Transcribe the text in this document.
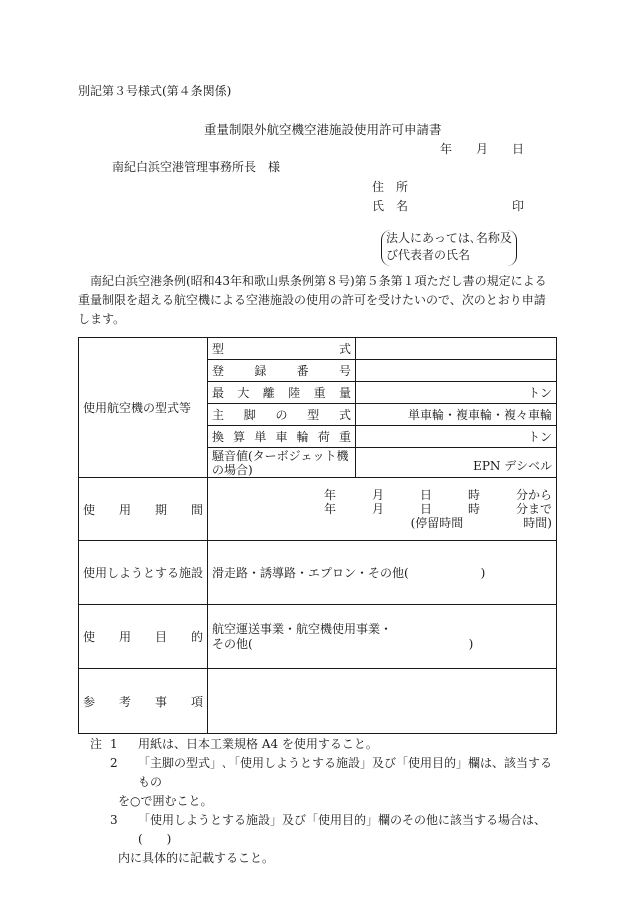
別記第３号様式(第４条関係)
重量制限外航空機空港施設使用許可申請書
年　　月　　日
南紀白浜空港管理事務所長　様
住　所
氏　名	印
法人にあっては､名称及
び代表者の氏名
南紀白浜空港条例(昭和43年和歌山県条例第８号)第５条第１項ただし書の規定による重量制限を超える航空機による空港施設の使用の許可を受けたいので、次のとおり申請します。
使用航空機の型式等	型式	
	登録番号	
	最大離陸重量	トン
	主脚の型式	単車輪・複車輪・複々車輪
	換算単車輪荷重	トン

	騒音値(ターボジェット機
の場合)	EPN デシベル
使用期間	年　　　月　　　日　　　時　　　分から
年　　　月　　　日　　　時　　　分まで
(停留時間　　　　　時間)	

使用しようとする施設	滑走路・誘導路・エプロン・その他(　　　　　　)	
使用目的	航空運送事業・航空機使用事業・
その他(　　　　　　　　　　　　　　　　　　)	

参考事項		
注 1 用紙は、日本工業規格 A4 を使用すること。
2 「主脚の型式」､「使用しようとする施設」及び「使用目的」欄は、該当するもの
を○で囲むこと。
3 「使用しようとする施設」及び「使用目的」欄のその他に該当する場合は、(　　)
内に具体的に記載すること。
